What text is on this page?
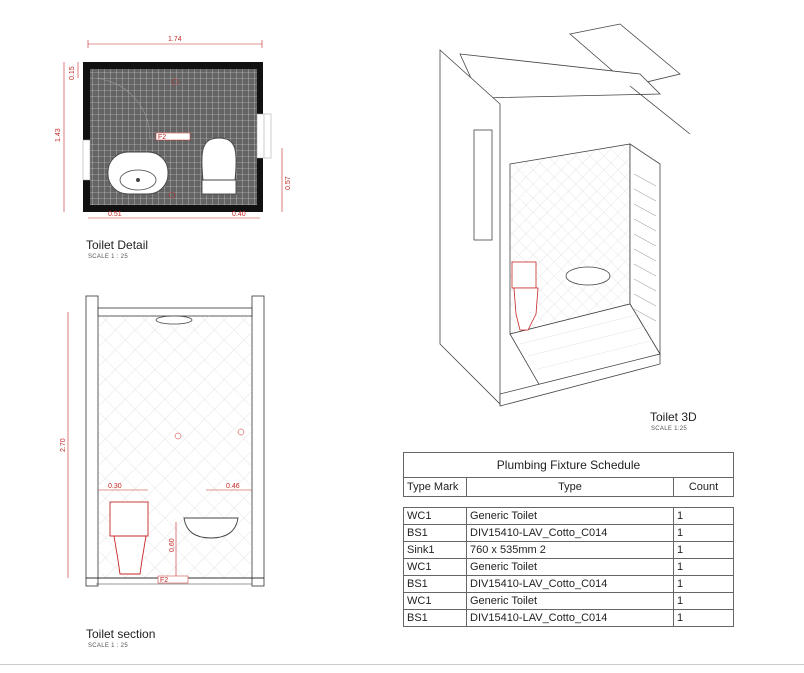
1.74
1.43
0.15
F2
0.51	0.40
0.57
Toilet Detail
SCALE 1 : 25
2.70
0.30	0.46
0.60
F2
Toilet section
SCALE 1 : 25
Toilet 3D
SCALE 1:25
Plumbing Fixture Schedule		
Type Mark	Type	Count

WC1	Generic Toilet	1
BS1	DIV15410-LAV_Cotto_C014	1
Sink1	760 x 535mm 2	1
WC1	Generic Toilet	1
BS1	DIV15410-LAV_Cotto_C014	1
WC1	Generic Toilet	1
BS1	DIV15410-LAV_Cotto_C014	1
